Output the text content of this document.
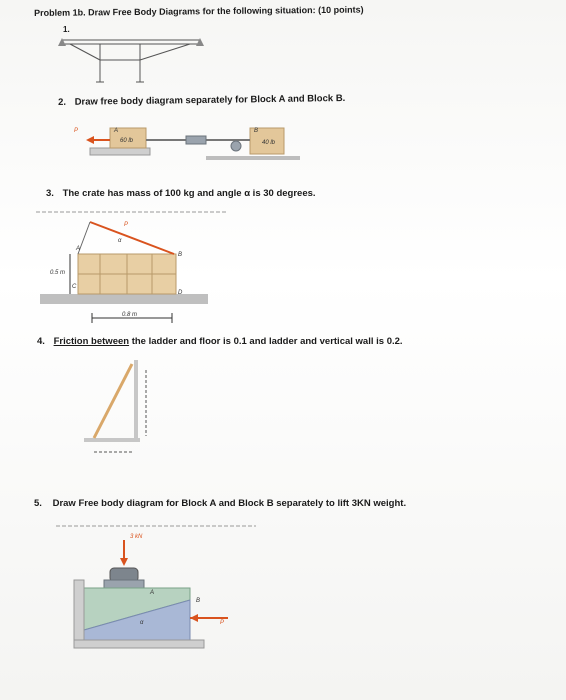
Problem 1b. Draw Free Body Diagrams for the following situation: (10 points)
1.
2. Draw free body diagram separately for Block A and Block B.
P	A
60 lb
B
40 lb
3. The crate has mass of 100 kg and angle α is 30 degrees.
P
α
A
B
C
D
0.5 m
0.8 m
4. Friction between the ladder and floor is 0.1 and ladder and vertical wall is 0.2.
5. Draw Free body diagram for Block A and Block B separately to lift 3KN weight.
3 kN
A
B
P
α
